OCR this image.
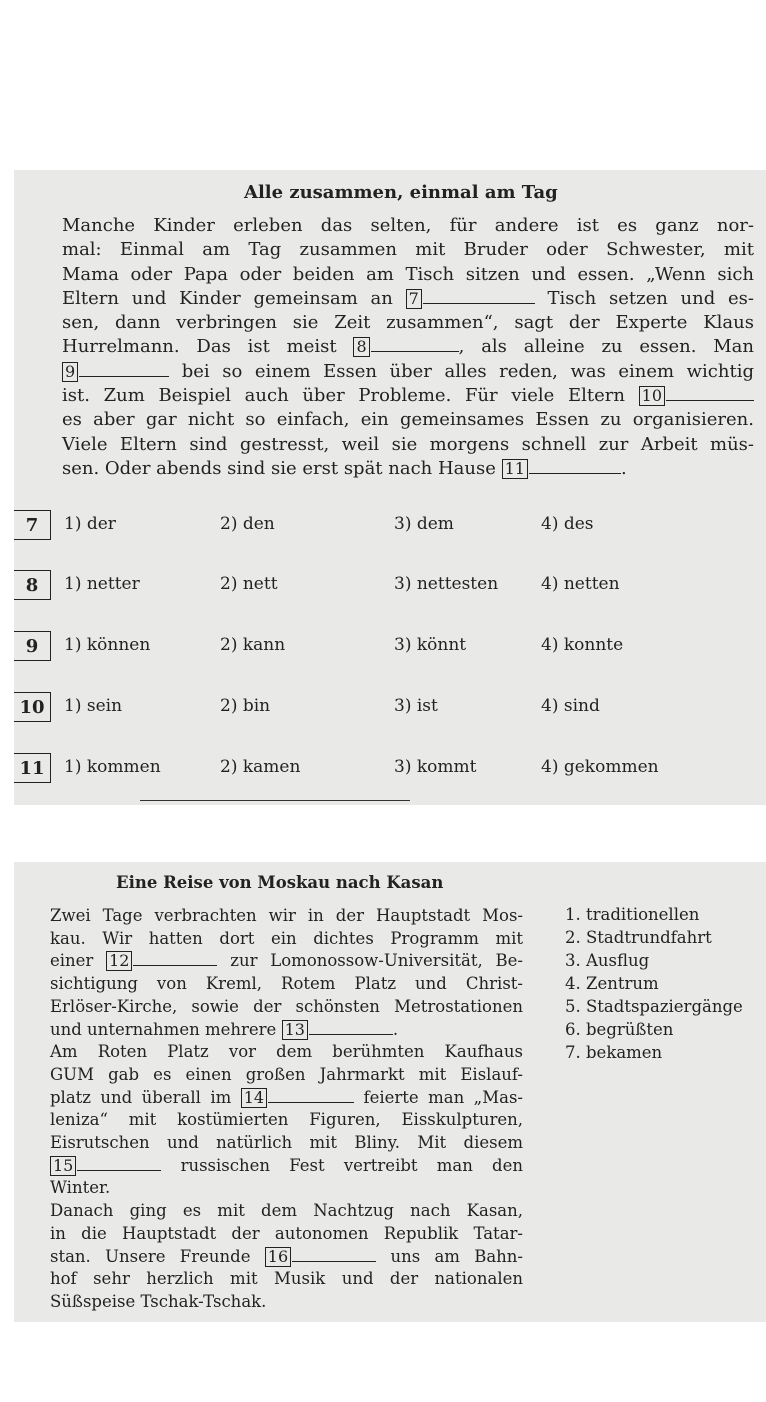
Alle zusammen, einmal am Tag
Manche Kinder erleben das selten, für andere ist es ganz nor-
mal: Einmal am Tag zusammen mit Bruder oder Schwester, mit
Mama oder Papa oder beiden am Tisch sitzen und essen. „Wenn sich
Eltern und Kinder gemeinsam an 7	Tisch setzen und es-
sen, dann verbringen sie Zeit zusammen“, sagt der Experte Klaus
Hurrelmann. Das ist meist 8	, als alleine zu essen. Man
9	bei so einem Essen über alles reden, was einem wichtig
ist. Zum Beispiel auch über Probleme. Für viele Eltern 10
es aber gar nicht so einfach, ein gemeinsames Essen zu organisieren.
Viele Eltern sind gestresst, weil sie morgens schnell zur Arbeit müs-
sen. Oder abends sind sie erst spät nach Hause 11	.
7	1) der	2) den	3) dem	4) des
8	1) netter	2) nett	3) nettesten	4) netten
9	1) können	2) kann	3) könnt	4) konnte
10	1) sein	2) bin	3) ist	4) sind
11	1) kommen	2) kamen	3) kommt	4) gekommen
Eine Reise von Moskau nach Kasan
Zwei Tage verbrachten wir in der Hauptstadt Mos-
kau. Wir hatten dort ein dichtes Programm mit
einer 12	zur Lomonossow-Universität, Be-
sichtigung von Kreml, Rotem Platz und Christ-
Erlöser-Kirche, sowie der schönsten Metrostationen
und unternahmen mehrere 13	.
Am Roten Platz vor dem berühmten Kaufhaus
GUM gab es einen großen Jahrmarkt mit Eislauf-
platz und überall im 14	feierte man „Mas-
leniza“ mit kostümierten Figuren, Eisskulpturen,
Eisrutschen und natürlich mit Bliny. Mit diesem
15	russischen Fest vertreibt man den
Winter.
Danach ging es mit dem Nachtzug nach Kasan,
in die Hauptstadt der autonomen Republik Tatar-
stan. Unsere Freunde 16	uns am Bahn-
hof sehr herzlich mit Musik und der nationalen
Süßspeise Tschak-Tschak.
1. traditionellen
2. Stadtrundfahrt
3. Ausflug
4. Zentrum
5. Stadtspaziergänge
6. begrüßten
7. bekamen
